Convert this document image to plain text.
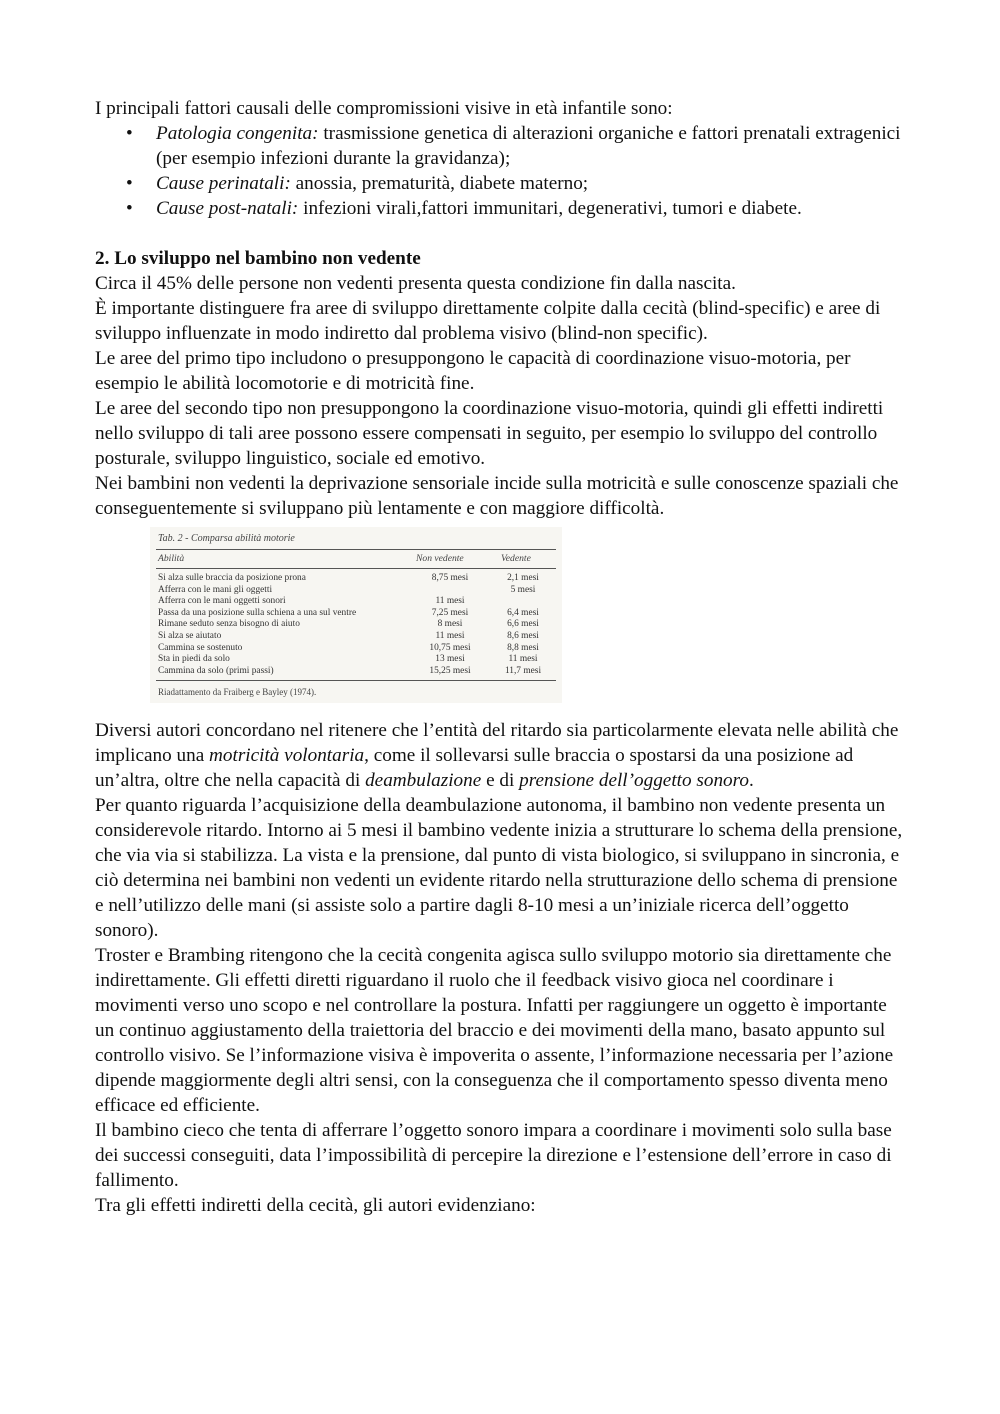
I principali fattori causali delle compromissioni visive in età infantile sono:

• Patologia congenita: trasmissione genetica di alterazioni organiche e fattori prenatali extragenici (per esempio infezioni durante la gravidanza);
• Cause perinatali: anossia, prematurità, diabete materno;
• Cause post-natali: infezioni virali,fattori immunitari, degenerativi, tumori e diabete.
2. Lo sviluppo nel bambino non vedente

Circa il 45% delle persone non vedenti presenta questa condizione fin dalla nascita.

È importante distinguere fra aree di sviluppo direttamente colpite dalla cecità (blind-specific) e aree di sviluppo influenzate in modo indiretto dal problema visivo (blind-non specific).

Le aree del primo tipo includono o presuppongono le capacità di coordinazione visuo-motoria, per esempio le abilità locomotorie e di motricità fine.

Le aree del secondo tipo non presuppongono la coordinazione visuo-motoria, quindi gli effetti indiretti nello sviluppo di tali aree possono essere compensati in seguito, per esempio lo sviluppo del controllo posturale, sviluppo linguistico, sociale ed emotivo.

Nei bambini non vedenti la deprivazione sensoriale incide sulla motricità e sulle conoscenze spaziali che conseguentemente si sviluppano più lentamente e con maggiore difficoltà.

Tab. 2 - Comparsa abilità motorie
Abilità	Non vedente	Vedente
Si alza sulle braccia da posizione prona	8,75 mesi	2,1 mesi
Afferra con le mani gli oggetti		5 mesi
Afferra con le mani oggetti sonori	11 mesi	
Passa da una posizione sulla schiena a una sul ventre	7,25 mesi	6,4 mesi
Rimane seduto senza bisogno di aiuto	8 mesi	6,6 mesi
Si alza se aiutato	11 mesi	8,6 mesi
Cammina se sostenuto	10,75 mesi	8,8 mesi
Sta in piedi da solo	13 mesi	11 mesi
Cammina da solo (primi passi)	15,25 mesi	11,7 mesi
Riadattamento da Fraiberg e Bayley (1974).

Diversi autori concordano nel ritenere che l’entità del ritardo sia particolarmente elevata nelle abilità che implicano una motricità volontaria, come il sollevarsi sulle braccia o spostarsi da una posizione ad un’altra, oltre che nella capacità di deambulazione e di prensione dell’oggetto sonoro.

Per quanto riguarda l’acquisizione della deambulazione autonoma, il bambino non vedente presenta un considerevole ritardo. Intorno ai 5 mesi il bambino vedente inizia a strutturare lo schema della prensione, che via via si stabilizza. La vista e la prensione, dal punto di vista biologico, si sviluppano in sincronia, e ciò determina nei bambini non vedenti un evidente ritardo nella strutturazione dello schema di prensione e nell’utilizzo delle mani (si assiste solo a partire dagli 8-10 mesi a un’iniziale ricerca dell’oggetto sonoro).

Troster e Brambing ritengono che la cecità congenita agisca sullo sviluppo motorio sia direttamente che indirettamente. Gli effetti diretti riguardano il ruolo che il feedback visivo gioca nel coordinare i movimenti verso uno scopo e nel controllare la postura. Infatti per raggiungere un oggetto è importante un continuo aggiustamento della traiettoria del braccio e dei movimenti della mano, basato appunto sul controllo visivo. Se l’informazione visiva è impoverita o assente, l’informazione necessaria per l’azione dipende maggiormente degli altri sensi, con la conseguenza che il comportamento spesso diventa meno efficace ed efficiente.

Il bambino cieco che tenta di afferrare l’oggetto sonoro impara a coordinare i movimenti solo sulla base dei successi conseguiti, data l’impossibilità di percepire la direzione e l’estensione dell’errore in caso di fallimento.

Tra gli effetti indiretti della cecità, gli autori evidenziano:
